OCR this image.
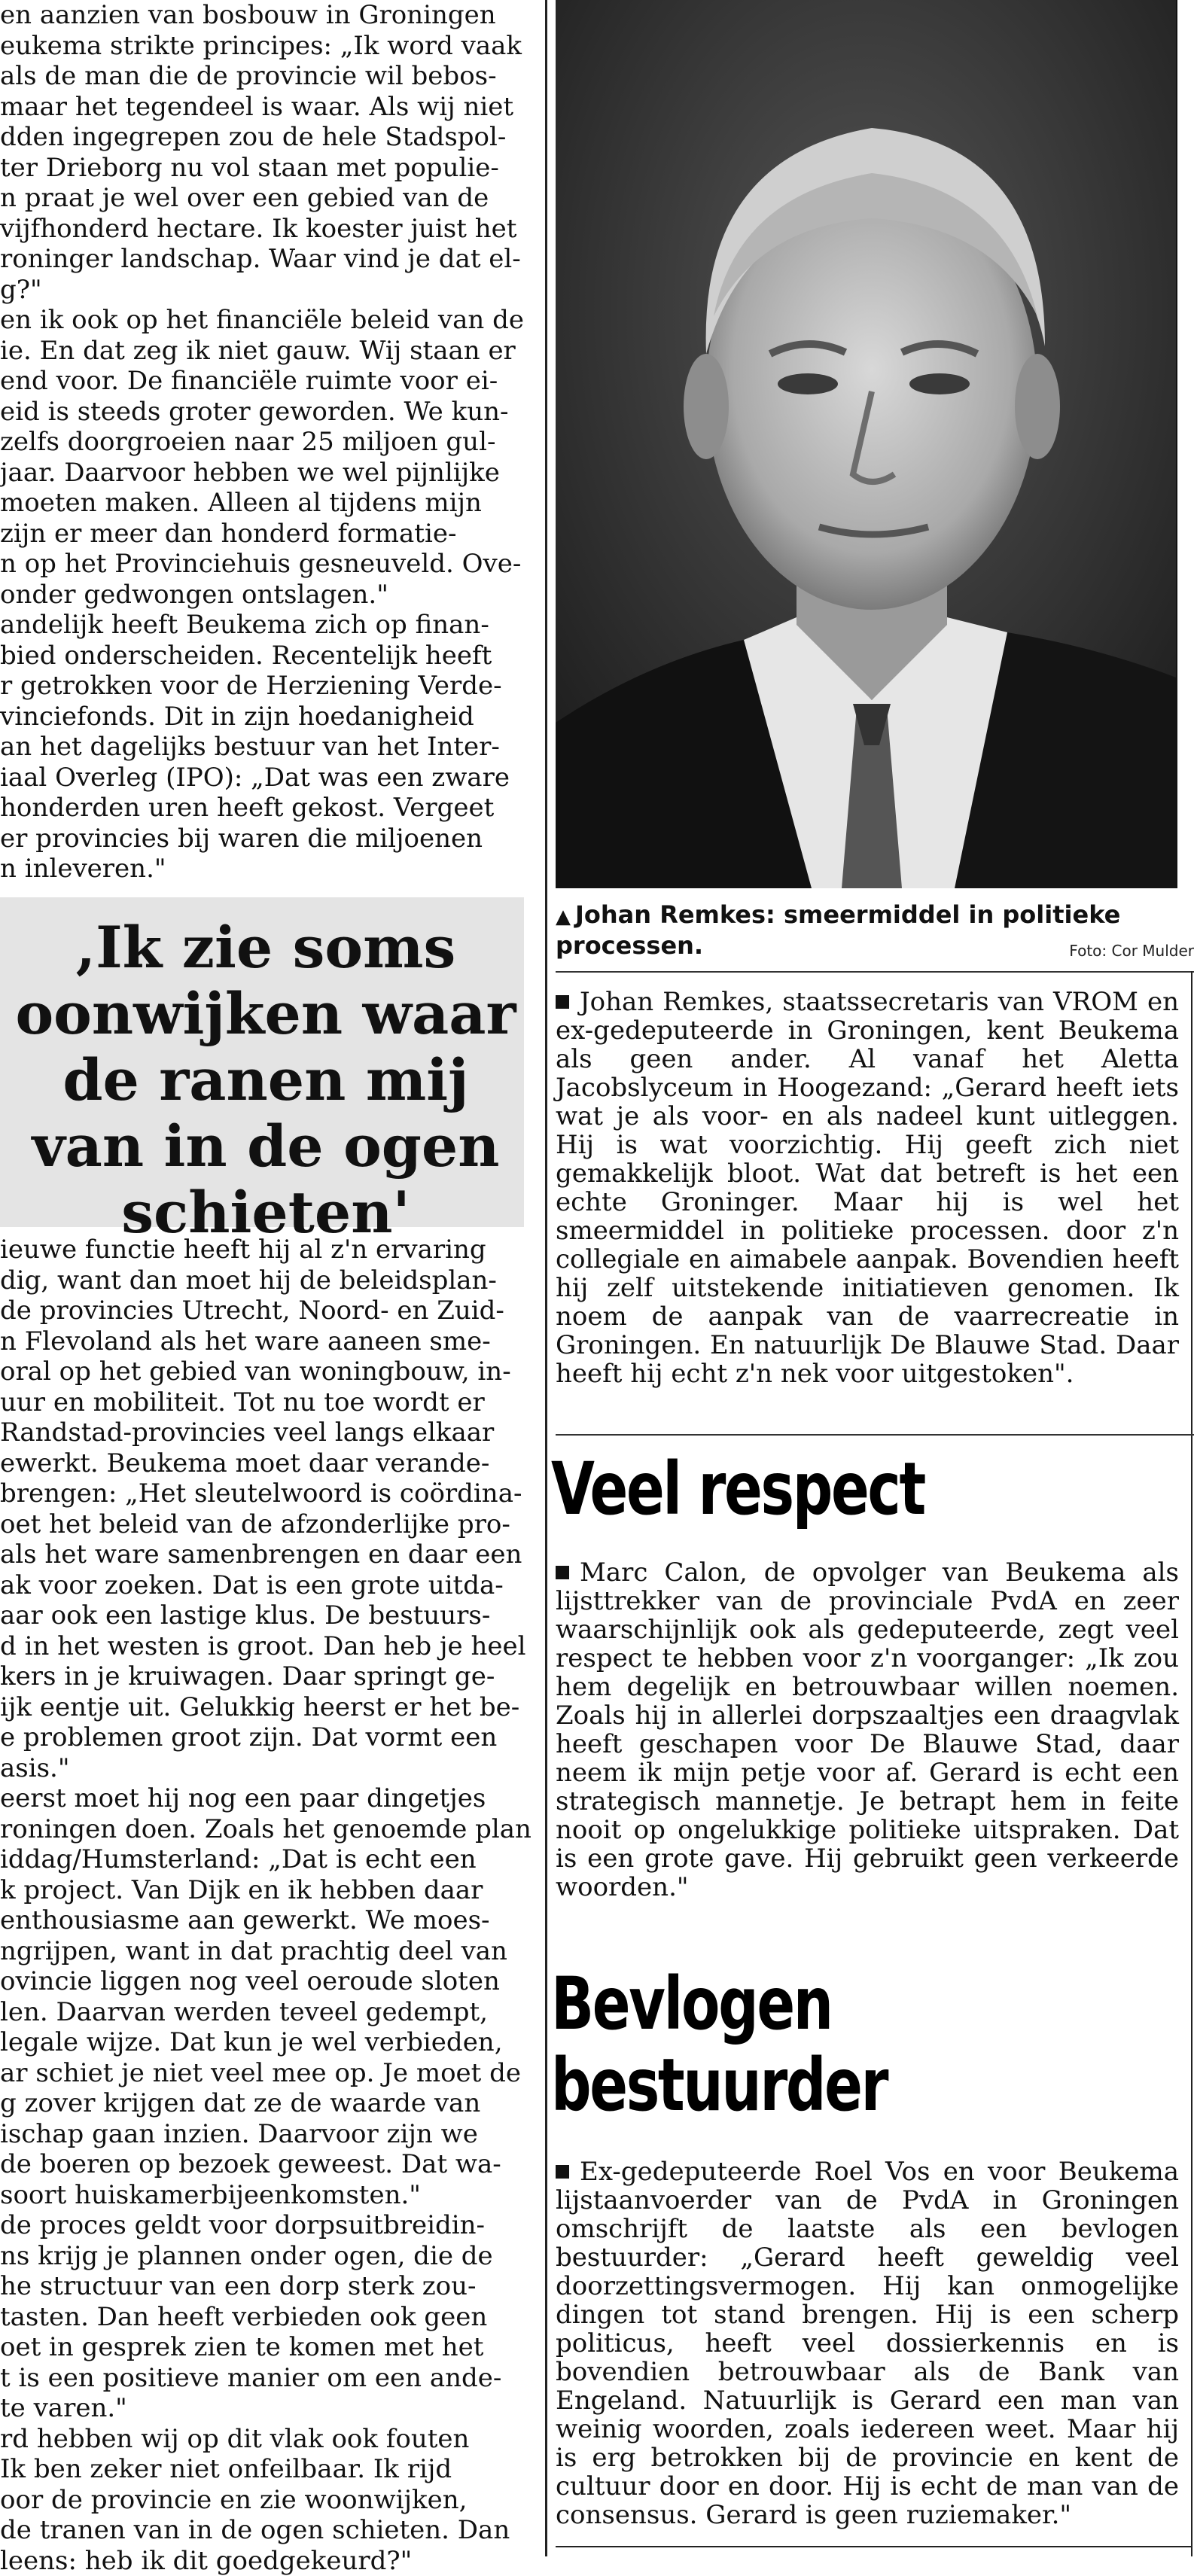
en aanzien van bosbouw in Groningen

eukema strikte principes: „Ik word vaak

als de man die de provincie wil bebos-

maar het tegendeel is waar. Als wij niet

dden ingegrepen zou de hele Stadspol-

ter Drieborg nu vol staan met populie-

n praat je wel over een gebied van de

vijfhonderd hectare. Ik koester juist het

roninger landschap. Waar vind je dat el-

g?"

en ik ook op het financiële beleid van de

ie. En dat zeg ik niet gauw. Wij staan er

end voor. De financiële ruimte voor ei-

eid is steeds groter geworden. We kun-

zelfs doorgroeien naar 25 miljoen gul-

jaar. Daarvoor hebben we wel pijnlijke

moeten maken. Alleen al tijdens mijn

zijn er meer dan honderd formatie-

n op het Provinciehuis gesneuveld. Ove-

onder gedwongen ontslagen."

andelijk heeft Beukema zich op finan-

bied onderscheiden. Recentelijk heeft

r getrokken voor de Herziening Verde-

vinciefonds. Dit in zijn hoedanigheid

an het dagelijks bestuur van het Inter-

iaal Overleg (IPO): „Dat was een zware

honderden uren heeft gekost. Vergeet

er provincies bij waren die miljoenen

n inleveren."

,Ik zie soms oonwijken waar de ranen mij van in de ogen schieten'

ieuwe functie heeft hij al z'n ervaring

dig, want dan moet hij de beleidsplan-

de provincies Utrecht, Noord- en Zuid-

n Flevoland als het ware aaneen sme-

oral op het gebied van woningbouw, in-

uur en mobiliteit. Tot nu toe wordt er

Randstad-provincies veel langs elkaar

ewerkt. Beukema moet daar verande-

brengen: „Het sleutelwoord is coördina-

oet het beleid van de afzonderlijke pro-

als het ware samenbrengen en daar een

ak voor zoeken. Dat is een grote uitda-

aar ook een lastige klus. De bestuurs-

d in het westen is groot. Dan heb je heel

kers in je kruiwagen. Daar springt ge-

ijk eentje uit. Gelukkig heerst er het be-

e problemen groot zijn. Dat vormt een

asis."

eerst moet hij nog een paar dingetjes

roningen doen. Zoals het genoemde plan

iddag/Humsterland: „Dat is echt een

k project. Van Dijk en ik hebben daar

enthousiasme aan gewerkt. We moes-

ngrijpen, want in dat prachtig deel van

ovincie liggen nog veel oeroude sloten

len. Daarvan werden teveel gedempt,

legale wijze. Dat kun je wel verbieden,

ar schiet je niet veel mee op. Je moet de

g zover krijgen dat ze de waarde van

ischap gaan inzien. Daarvoor zijn we

de boeren op bezoek geweest. Dat wa-

soort huiskamerbijeenkomsten."

de proces geldt voor dorpsuitbreidin-

ns krijg je plannen onder ogen, die de

he structuur van een dorp sterk zou-

tasten. Dan heeft verbieden ook geen

oet in gesprek zien te komen met het

t is een positieve manier om een ande-

te varen."

rd hebben wij op dit vlak ook fouten

Ik ben zeker niet onfeilbaar. Ik rijd

oor de provincie en zie woonwijken,

de tranen van in de ogen schieten. Dan

leens: heb ik dit goedgekeurd?"

▲ Johan Remkes: smeermiddel in politieke processen.	Foto: Cor Mulder

Johan Remkes, staatssecretaris van VROM en ex-gedeputeerde in Groningen, kent Beukema als geen ander. Al vanaf het Aletta Jacobslyceum in Hoogezand: „Gerard heeft iets wat je als voor- en als nadeel kunt uitleggen. Hij is wat voorzichtig. Hij geeft zich niet gemakkelijk bloot. Wat dat betreft is het een echte Groninger. Maar hij is wel het smeermiddel in politieke processen. door z'n collegiale en aimabele aanpak. Bovendien heeft hij zelf uitstekende initiatieven genomen. Ik noem de aanpak van de vaarrecreatie in Groningen. En natuurlijk De Blauwe Stad. Daar heeft hij echt z'n nek voor uitgestoken".

Veel respect

Marc Calon, de opvolger van Beukema als lijsttrekker van de provinciale PvdA en zeer waarschijnlijk ook als gedeputeerde, zegt veel respect te hebben voor z'n voorganger: „Ik zou hem degelijk en betrouwbaar willen noemen. Zoals hij in allerlei dorpszaaltjes een draagvlak heeft geschapen voor De Blauwe Stad, daar neem ik mijn petje voor af. Gerard is echt een strategisch mannetje. Je betrapt hem in feite nooit op ongelukkige politieke uitspraken. Dat is een grote gave. Hij gebruikt geen verkeerde woorden."

Bevlogen
bestuurder

Ex-gedeputeerde Roel Vos en voor Beukema lijstaanvoerder van de PvdA in Groningen omschrijft de laatste als een bevlogen bestuurder: „Gerard heeft geweldig veel doorzettingsvermogen. Hij kan onmogelijke dingen tot stand brengen. Hij is een scherp politicus, heeft veel dossierkennis en is bovendien betrouwbaar als de Bank van Engeland. Natuurlijk is Gerard een man van weinig woorden, zoals iedereen weet. Maar hij is erg betrokken bij de provincie en kent de cultuur door en door. Hij is echt de man van de consensus. Gerard is geen ruziemaker."
